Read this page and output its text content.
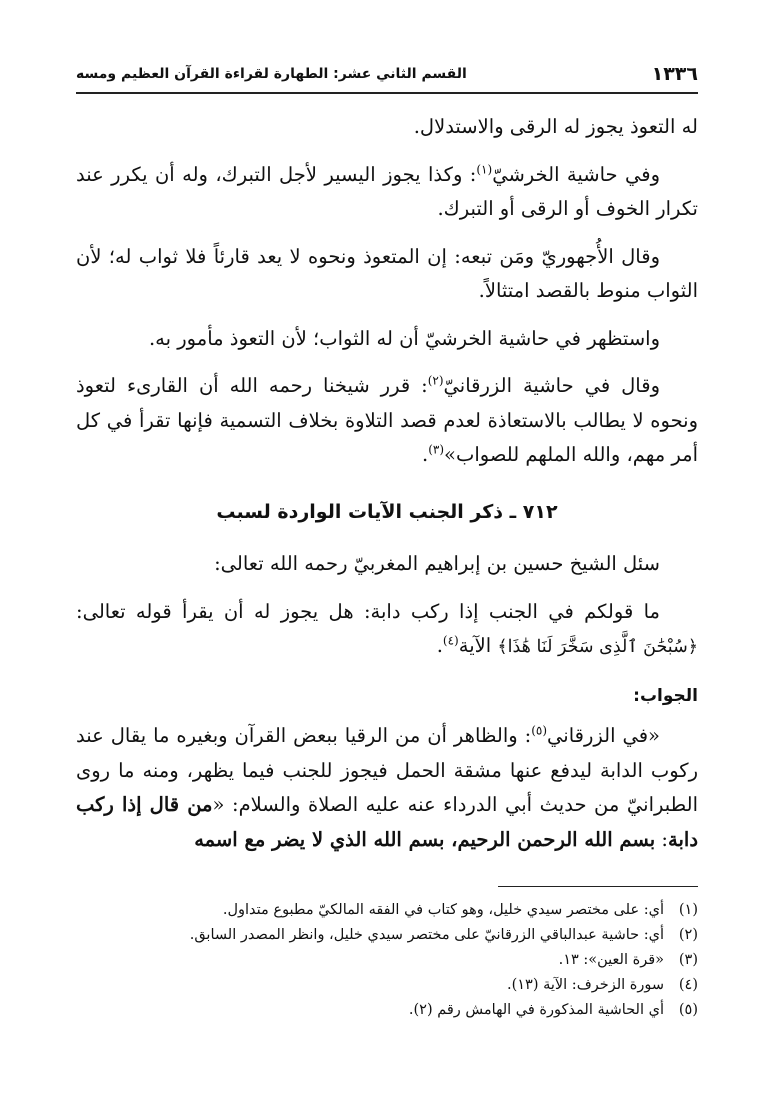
١٣٣٦
القسم الثاني عشر: الطهارة لقراءة القرآن العظيم ومسه

له التعوذ يجوز له الرقى والاستدلال.

وفي حاشية الخرشيّ$^{(١)}$: وكذا يجوز اليسير لأجل التبرك، وله أن يكرر عند تكرار الخوف أو الرقى أو التبرك.

وقال الأُجهوريّ ومَن تبعه: إن المتعوذ ونحوه لا يعد قارئاً فلا ثواب له؛ لأن الثواب منوط بالقصد امتثالاً.

واستظهر في حاشية الخرشيّ أن له الثواب؛ لأن التعوذ مأمور به.

وقال في حاشية الزرقانيّ$^{(٢)}$: قرر شيخنا رحمه الله أن القارىء لتعوذ ونحوه لا يطالب بالاستعاذة لعدم قصد التلاوة بخلاف التسمية فإنها تقرأ في كل أمر مهم، والله الملهم للصواب»$^{(٣)}$.

٧١٢ ـ ذكر الجنب الآيات الواردة لسبب

سئل الشيخ حسين بن إبراهيم المغربيّ رحمه الله تعالى:

ما قولكم في الجنب إذا ركب دابة: هل يجوز له أن يقرأ قوله تعالى: ﴿سُبْحَٰنَ ٱلَّذِى سَخَّرَ لَنَا هَٰذَا﴾ الآية$^{(٤)}$.

الجواب:

«في الزرقاني$^{(٥)}$: والظاهر أن من الرقيا ببعض القرآن وبغيره ما يقال عند ركوب الدابة ليدفع عنها مشقة الحمل فيجوز للجنب فيما يظهر، ومنه ما روى الطبرانيّ من حديث أبي الدرداء عنه عليه الصلاة والسلام: «من قال إذا ركب دابة: بسم الله الرحمن الرحيم، بسم الله الذي لا يضر مع اسمه

(١)
أي: على مختصر سيدي خليل، وهو كتاب في الفقه المالكيّ مطبوع متداول.
(٢)
أي: حاشية عبدالباقي الزرقانيّ على مختصر سيدي خليل، وانظر المصدر السابق.
(٣)
«قرة العين»: ١٣.
(٤)
سورة الزخرف: الآية (١٣).
(٥)
أي الحاشية المذكورة في الهامش رقم (٢).
